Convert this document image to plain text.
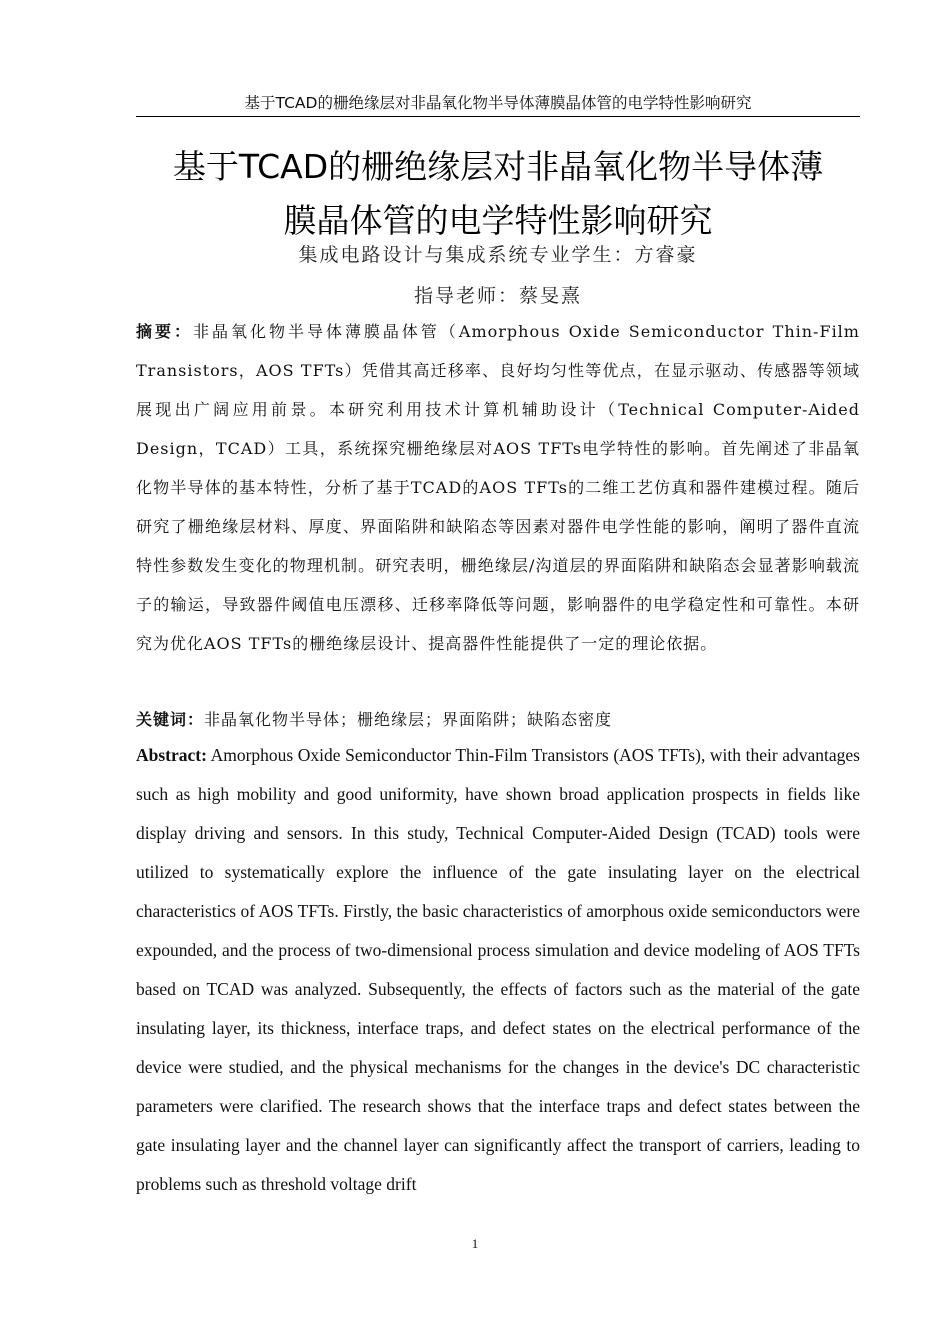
基于TCAD的栅绝缘层对非晶氧化物半导体薄膜晶体管的电学特性影响研究
基于TCAD的栅绝缘层对非晶氧化物半导体薄
膜晶体管的电学特性影响研究
集成电路设计与集成系统专业学生：方睿豪
指导老师：蔡旻熹
摘要：非晶氧化物半导体薄膜晶体管（Amorphous Oxide Semiconductor Thin-Film Transistors，AOS TFTs）凭借其高迁移率、良好均匀性等优点，在显示驱动、传感器等领域展现出广阔应用前景。本研究利用技术计算机辅助设计（Technical Computer-Aided Design，TCAD）工具，系统探究栅绝缘层对AOS TFTs电学特性的影响。首先阐述了非晶氧化物半导体的基本特性，分析了基于TCAD的AOS TFTs的二维工艺仿真和器件建模过程。随后研究了栅绝缘层材料、厚度、界面陷阱和缺陷态等因素对器件电学性能的影响，阐明了器件直流特性参数发生变化的物理机制。研究表明，栅绝缘层/沟道层的界面陷阱和缺陷态会显著影响载流子的输运，导致器件阈值电压漂移、迁移率降低等问题，影响器件的电学稳定性和可靠性。本研究为优化AOS TFTs的栅绝缘层设计、提高器件性能提供了一定的理论依据。
关键词：非晶氧化物半导体；栅绝缘层；界面陷阱；缺陷态密度
Abstract: Amorphous Oxide Semiconductor Thin-Film Transistors (AOS TFTs), with their advantages such as high mobility and good uniformity, have shown broad application prospects in fields like display driving and sensors. In this study, Technical Computer-Aided Design (TCAD) tools were utilized to systematically explore the influence of the gate insulating layer on the electrical characteristics of AOS TFTs. Firstly, the basic characteristics of amorphous oxide semiconductors were expounded, and the process of two-dimensional process simulation and device modeling of AOS TFTs based on TCAD was analyzed. Subsequently, the effects of factors such as the material of the gate insulating layer, its thickness, interface traps, and defect states on the electrical performance of the device were studied, and the physical mechanisms for the changes in the device's DC characteristic parameters were clarified. The research shows that the interface traps and defect states between the gate insulating layer and the channel layer can significantly affect the transport of carriers, leading to problems such as threshold voltage drift
1
